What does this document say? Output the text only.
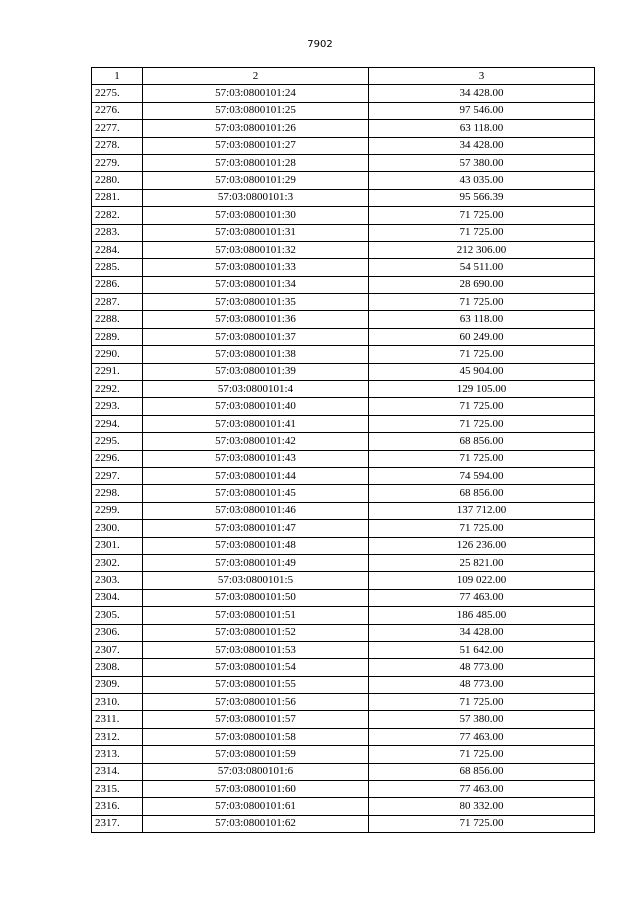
7902
1	2	3
2275.	57:03:0800101:24	34 428.00
2276.	57:03:0800101:25	97 546.00
2277.	57:03:0800101:26	63 118.00
2278.	57:03:0800101:27	34 428.00
2279.	57:03:0800101:28	57 380.00
2280.	57:03:0800101:29	43 035.00
2281.	57:03:0800101:3	95 566.39
2282.	57:03:0800101:30	71 725.00
2283.	57:03:0800101:31	71 725.00
2284.	57:03:0800101:32	212 306.00
2285.	57:03:0800101:33	54 511.00
2286.	57:03:0800101:34	28 690.00
2287.	57:03:0800101:35	71 725.00
2288.	57:03:0800101:36	63 118.00
2289.	57:03:0800101:37	60 249.00
2290.	57:03:0800101:38	71 725.00
2291.	57:03:0800101:39	45 904.00
2292.	57:03:0800101:4	129 105.00
2293.	57:03:0800101:40	71 725.00
2294.	57:03:0800101:41	71 725.00
2295.	57:03:0800101:42	68 856.00
2296.	57:03:0800101:43	71 725.00
2297.	57:03:0800101:44	74 594.00
2298.	57:03:0800101:45	68 856.00
2299.	57:03:0800101:46	137 712.00
2300.	57:03:0800101:47	71 725.00
2301.	57:03:0800101:48	126 236.00
2302.	57:03:0800101:49	25 821.00
2303.	57:03:0800101:5	109 022.00
2304.	57:03:0800101:50	77 463.00
2305.	57:03:0800101:51	186 485.00
2306.	57:03:0800101:52	34 428.00
2307.	57:03:0800101:53	51 642.00
2308.	57:03:0800101:54	48 773.00
2309.	57:03:0800101:55	48 773.00
2310.	57:03:0800101:56	71 725.00
2311.	57:03:0800101:57	57 380.00
2312.	57:03:0800101:58	77 463.00
2313.	57:03:0800101:59	71 725.00
2314.	57:03:0800101:6	68 856.00
2315.	57:03:0800101:60	77 463.00
2316.	57:03:0800101:61	80 332.00
2317.	57:03:0800101:62	71 725.00
